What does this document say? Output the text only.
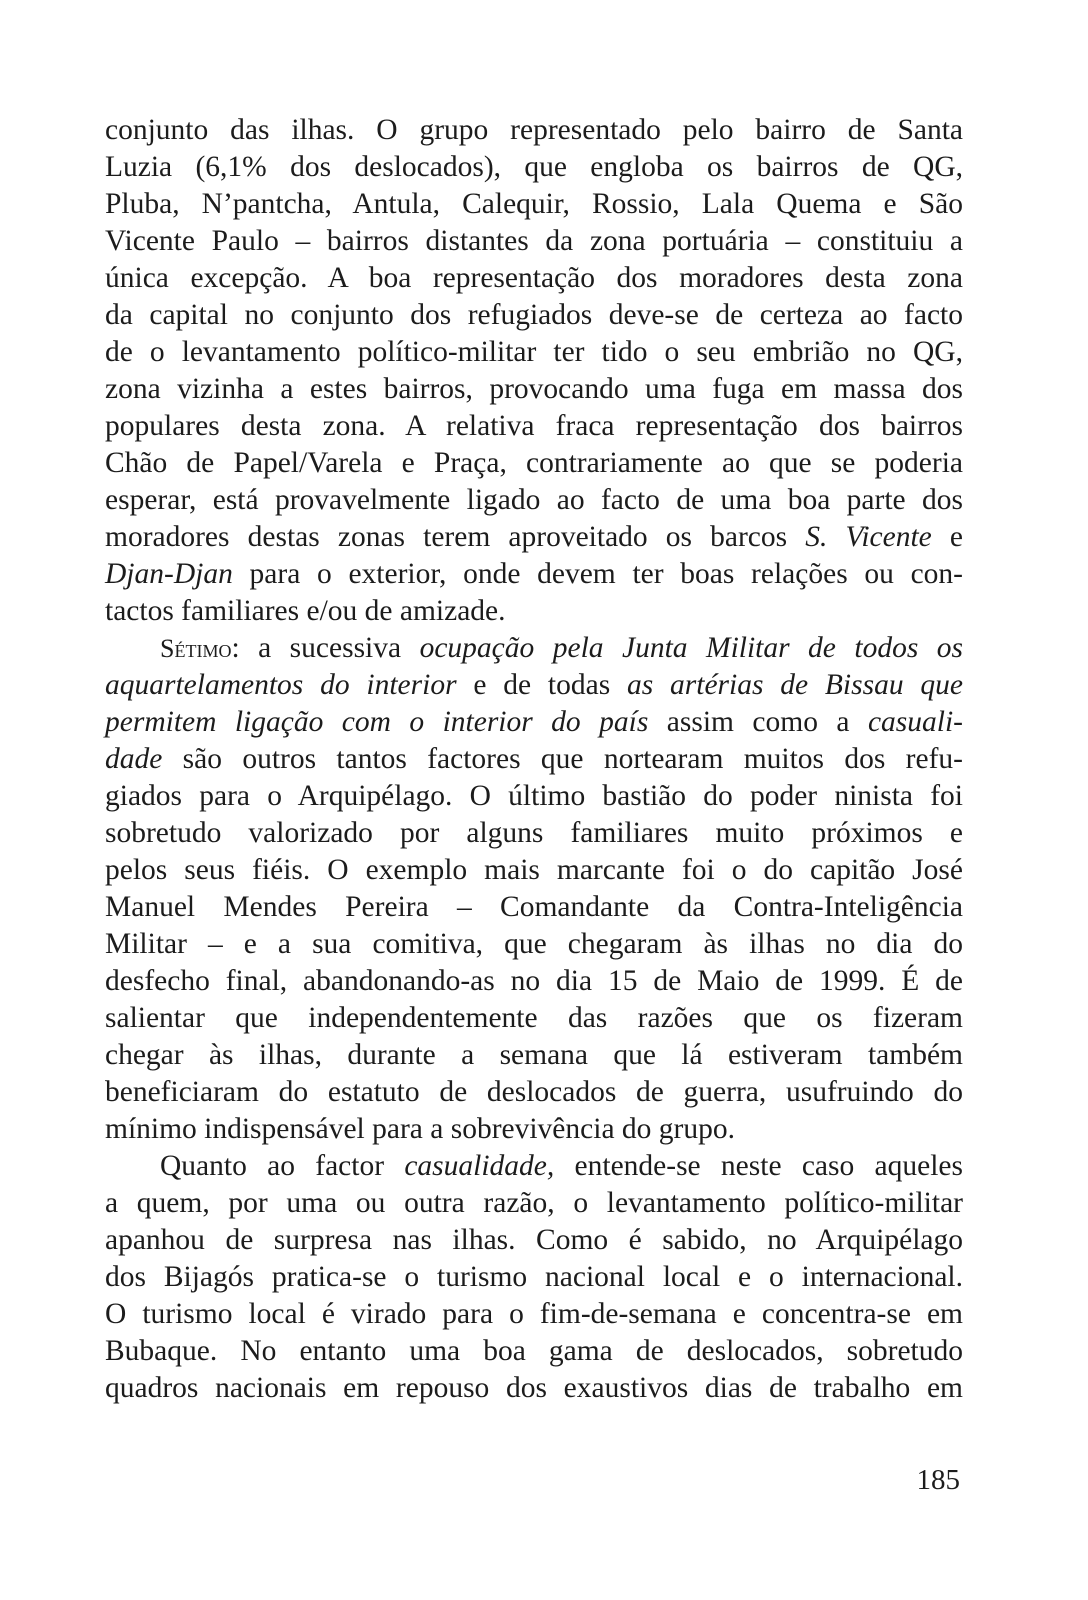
conjunto das ilhas. O grupo representado pelo bairro de Santa
Luzia (6,1% dos deslocados), que engloba os bairros de QG,
Pluba, N’pantcha, Antula, Calequir, Rossio, Lala Quema e São
Vicente Paulo – bairros distantes da zona portuária – constituiu a
única excepção. A boa representação dos moradores desta zona
da capital no conjunto dos refugiados deve-se de certeza ao facto
de o levantamento político-militar ter tido o seu embrião no QG,
zona vizinha a estes bairros, provocando uma fuga em massa dos
populares desta zona. A relativa fraca representação dos bairros
Chão de Papel/Varela e Praça, contrariamente ao que se poderia
esperar, está provavelmente ligado ao facto de uma boa parte dos
moradores destas zonas terem aproveitado os barcos S. Vicente e
Djan-Djan para o exterior, onde devem ter boas relações ou con-
tactos familiares e/ou de amizade.
Sétimo: a sucessiva ocupação pela Junta Militar de todos os
aquartelamentos do interior e de todas as artérias de Bissau que
permitem ligação com o interior do país assim como a casuali-
dade são outros tantos factores que nortearam muitos dos refu-
giados para o Arquipélago. O último bastião do poder ninista foi
sobretudo valorizado por alguns familiares muito próximos e
pelos seus fiéis. O exemplo mais marcante foi o do capitão José
Manuel Mendes Pereira – Comandante da Contra-Inteligência
Militar – e a sua comitiva, que chegaram às ilhas no dia do
desfecho final, abandonando-as no dia 15 de Maio de 1999. É de
salientar que independentemente das razões que os fizeram
chegar às ilhas, durante a semana que lá estiveram também
beneficiaram do estatuto de deslocados de guerra, usufruindo do
mínimo indispensável para a sobrevivência do grupo.
Quanto ao factor casualidade, entende-se neste caso aqueles
a quem, por uma ou outra razão, o levantamento político-militar
apanhou de surpresa nas ilhas. Como é sabido, no Arquipélago
dos Bijagós pratica-se o turismo nacional local e o internacional.
O turismo local é virado para o fim-de-semana e concentra-se em
Bubaque. No entanto uma boa gama de deslocados, sobretudo
quadros nacionais em repouso dos exaustivos dias de trabalho em
185
